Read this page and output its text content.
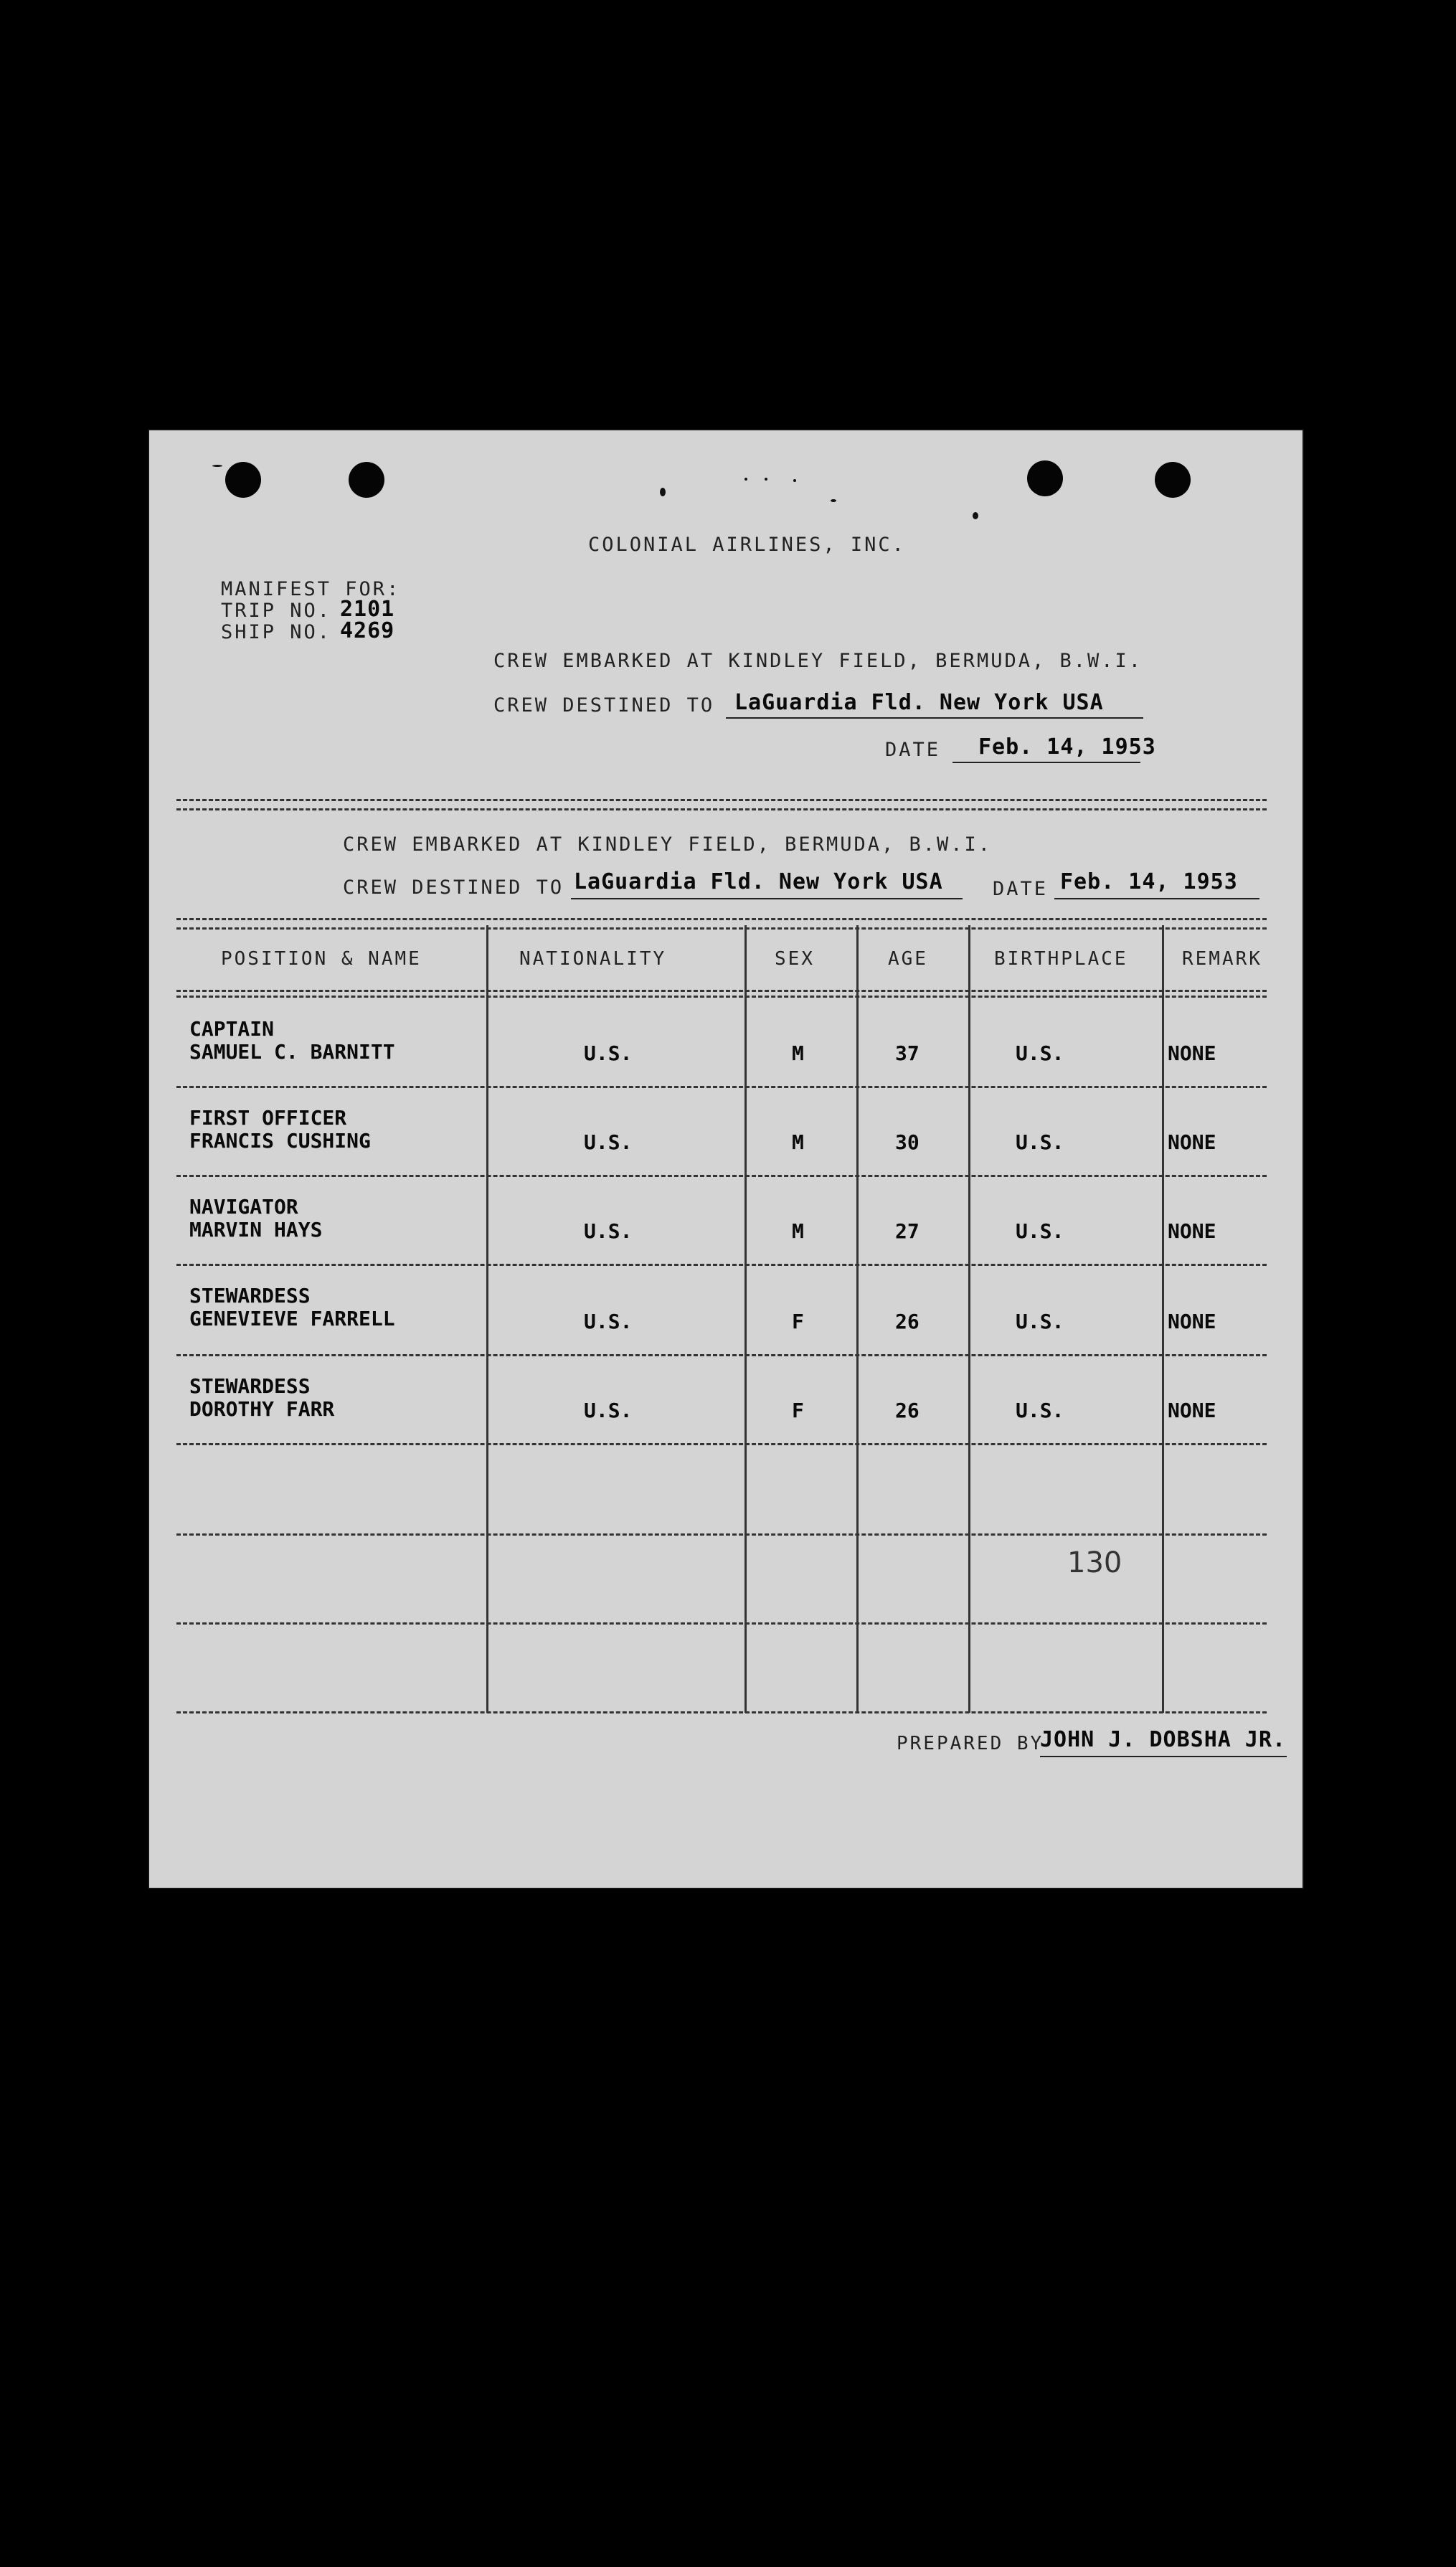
COLONIAL AIRLINES, INC.
MANIFEST FOR:
TRIP NO. 2101
SHIP NO. 4269
CREW EMBARKED AT KINDLEY FIELD, BERMUDA, B.W.I.
CREW DESTINED TO LaGuardia Fld. New York USA
DATE Feb. 14, 1953
CREW EMBARKED AT KINDLEY FIELD, BERMUDA, B.W.I.
CREW DESTINED TO LaGuardia Fld. New York USA	DATE Feb. 14, 1953
POSITION & NAME	NATIONALITY	SEX	AGE	BIRTHPLACE	REMARK
CAPTAIN
SAMUEL C. BARNITT	U.S.	M	37	U.S.	NONE
FIRST OFFICER
FRANCIS CUSHING	U.S.	M	30	U.S.	NONE
NAVIGATOR
MARVIN HAYS	U.S.	M	27	U.S.	NONE
STEWARDESS
GENEVIEVE FARRELL	U.S.	F	26	U.S.	NONE
STEWARDESS
DOROTHY FARR	U.S.	F	26	U.S.	NONE
130
PREPARED BY
JOHN J. DOBSHA JR.
